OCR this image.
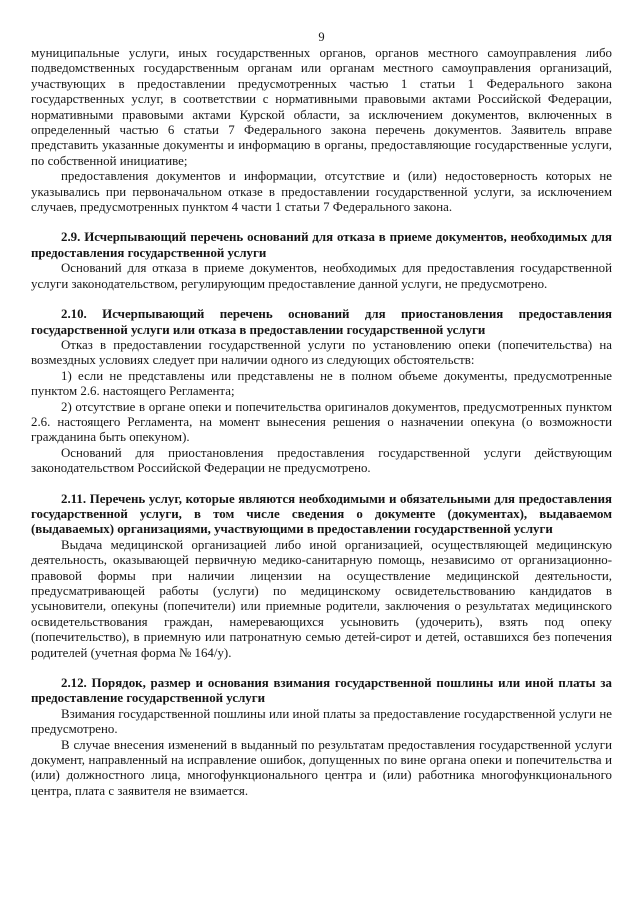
9

муниципальные услуги, иных государственных органов, органов местного самоуправления либо подведомственных государственным органам или органам местного самоуправления организаций, участвующих в предоставлении предусмотренных частью 1 статьи 1 Федерального закона государственных услуг, в соответствии с нормативными правовыми актами Российской Федерации, нормативными правовыми актами Курской области, за исключением документов, включенных в определенный частью 6 статьи 7 Федерального закона перечень документов. Заявитель вправе представить указанные документы и информацию в органы, предоставляющие государственные услуги, по собственной инициативе;

предоставления документов и информации, отсутствие и (или) недостоверность которых не указывались при первоначальном отказе в предоставлении государственной услуги, за исключением случаев, предусмотренных пунктом 4 части 1 статьи 7 Федерального закона.

2.9. Исчерпывающий перечень оснований для отказа в приеме документов, необходимых для предоставления государственной услуги

Оснований для отказа в приеме документов, необходимых для предоставления государственной услуги законодательством, регулирующим предоставление данной услуги, не предусмотрено.

2.10. Исчерпывающий перечень оснований для приостановления предоставления государственной услуги или отказа в предоставлении государственной услуги

Отказ в предоставлении государственной услуги по установлению опеки (попечительства) на возмездных условиях следует при наличии одного из следующих обстоятельств:

1) если не представлены или представлены не в полном объеме документы, предусмотренные пунктом 2.6. настоящего Регламента;

2) отсутствие в органе опеки и попечительства оригиналов документов, предусмотренных пунктом 2.6. настоящего Регламента, на момент вынесения решения о назначении опекуна (о возможности гражданина быть опекуном).

Оснований для приостановления предоставления государственной услуги действующим законодательством Российской Федерации не предусмотрено.

2.11. Перечень услуг, которые являются необходимыми и обязательными для предоставления государственной услуги, в том числе сведения о документе (документах), выдаваемом (выдаваемых) организациями, участвующими в предоставлении государственной услуги

Выдача медицинской организацией либо иной организацией, осуществляющей медицинскую деятельность, оказывающей первичную медико-санитарную помощь, независимо от организационно-правовой формы при наличии лицензии на осуществление медицинской деятельности, предусматривающей работы (услуги) по медицинскому освидетельствованию кандидатов в усыновители, опекуны (попечители) или приемные родители, заключения о результатах медицинского освидетельствования граждан, намеревающихся усыновить (удочерить), взять под опеку (попечительство), в приемную или патронатную семью детей-сирот и детей, оставшихся без попечения родителей (учетная форма № 164/у).

2.12. Порядок, размер и основания взимания государственной пошлины или иной платы за предоставление государственной услуги

Взимания государственной пошлины или иной платы за предоставление государственной услуги не предусмотрено.

В случае внесения изменений в выданный по результатам предоставления государственной услуги документ, направленный на исправление ошибок, допущенных по вине органа опеки и попечительства и (или) должностного лица, многофункционального центра и (или) работника многофункционального центра, плата с заявителя не взимается.
